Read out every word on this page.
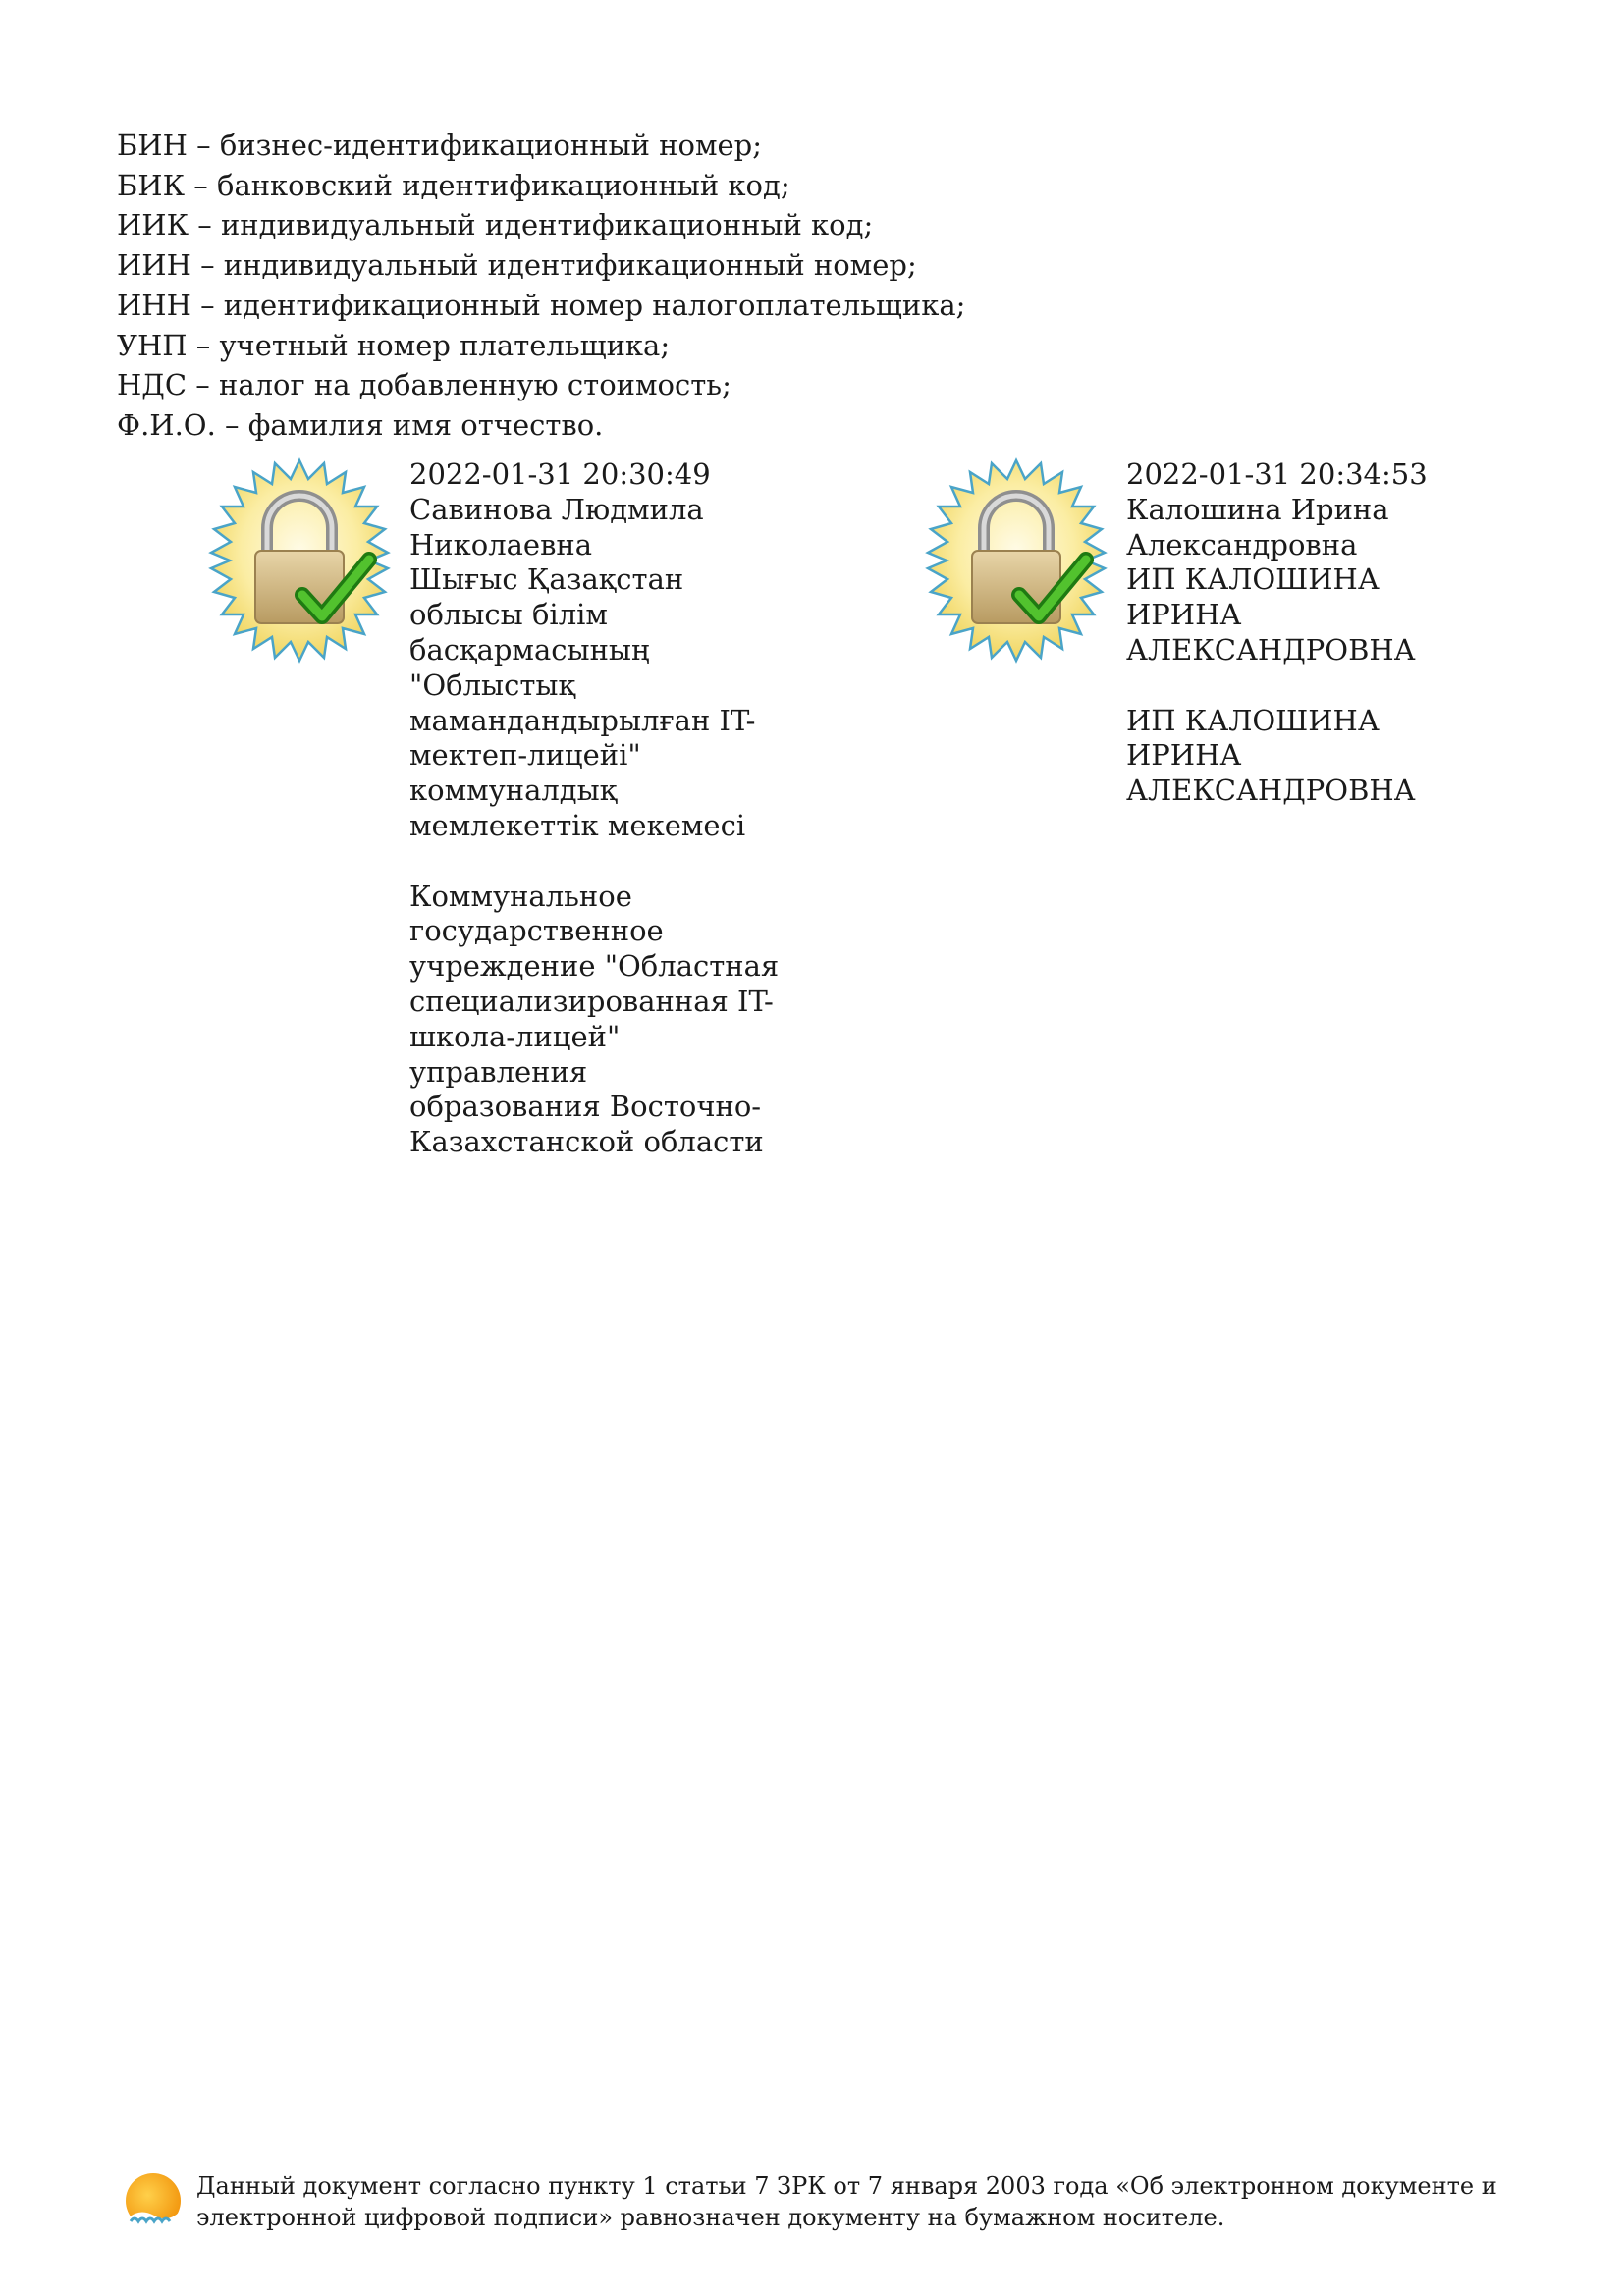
БИН – бизнес-идентификационный номер;
БИК – банковский идентификационный код;
ИИК – индивидуальный идентификационный код;
ИИН – индивидуальный идентификационный номер;
ИНН – идентификационный номер налогоплательщика;
УНП – учетный номер плательщика;
НДС – налог на добавленную стоимость;
Ф.И.О. – фамилия имя отчество.
2022-01-31 20:30:49
Савинова Людмила
Николаевна
Шығыс Қазақстан
облысы білім
басқармасының
"Облыстық
мамандандырылған IT-
мектеп-лицейі"
коммуналдық
мемлекеттік мекемесі
Коммунальное
государственное
учреждение "Областная
специализированная IT-
школа-лицей"
управления
образования Восточно-
Казахстанской области
2022-01-31 20:34:53
Калошина Ирина
Александровна
ИП КАЛОШИНА
ИРИНА
АЛЕКСАНДРОВНА
ИП КАЛОШИНА
ИРИНА
АЛЕКСАНДРОВНА
Данный документ согласно пункту 1 статьи 7 ЗРК от 7 января 2003 года «Об электронном документе и электронной цифровой подписи» равнозначен документу на бумажном носителе.
